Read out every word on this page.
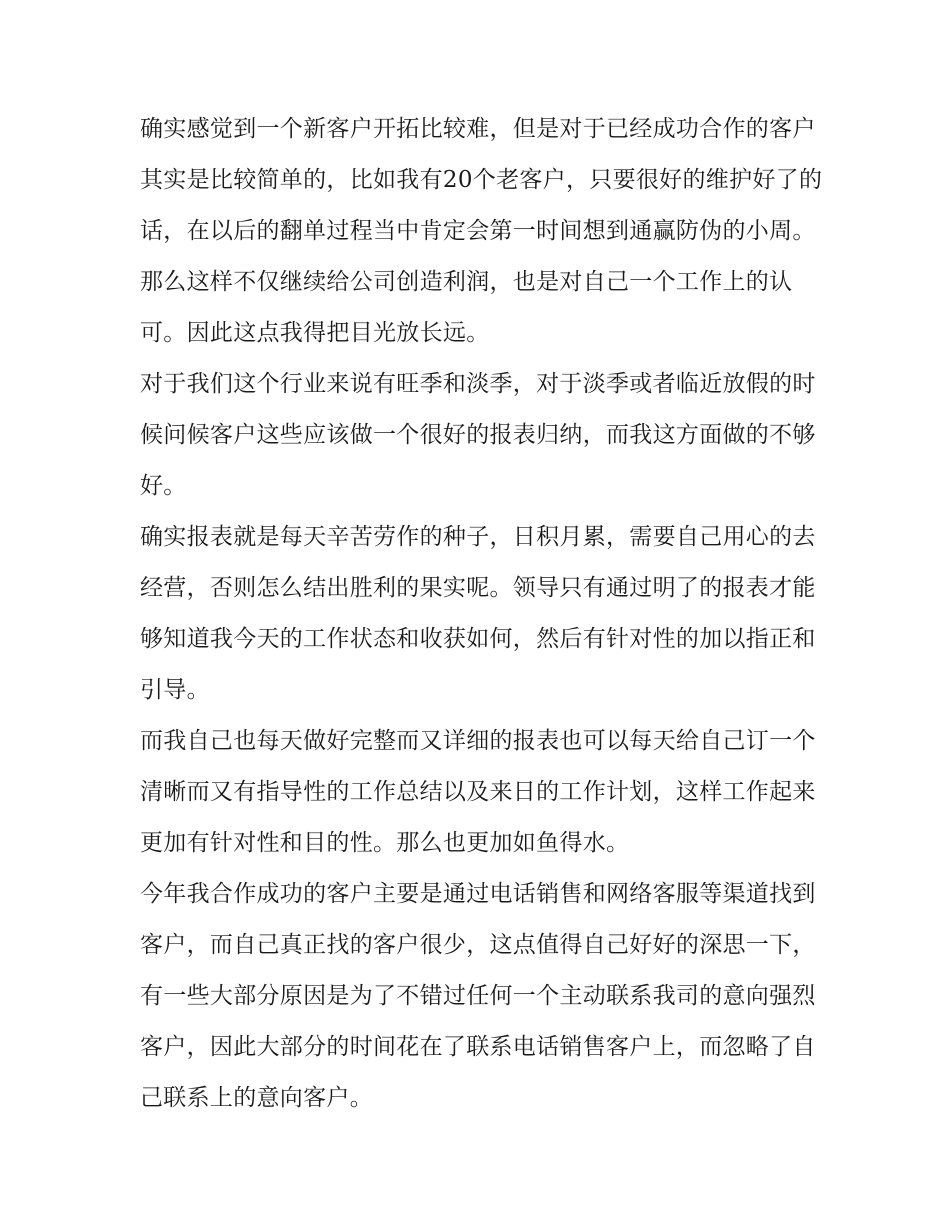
确实感觉到一个新客户开拓比较难，但是对于已经成功合作的客户其实是比较简单的，比如我有20个老客户，只要很好的维护好了的话，在以后的翻单过程当中肯定会第一时间想到通赢防伪的小周。那么这样不仅继续给公司创造利润，也是对自己一个工作上的认可。因此这点我得把目光放长远。

对于我们这个行业来说有旺季和淡季，对于淡季或者临近放假的时候问候客户这些应该做一个很好的报表归纳，而我这方面做的不够好。

确实报表就是每天辛苦劳作的种子，日积月累，需要自己用心的去经营，否则怎么结出胜利的果实呢。领导只有通过明了的报表才能够知道我今天的工作状态和收获如何，然后有针对性的加以指正和引导。

而我自己也每天做好完整而又详细的报表也可以每天给自己订一个清晰而又有指导性的工作总结以及来日的工作计划，这样工作起来更加有针对性和目的性。那么也更加如鱼得水。

今年我合作成功的客户主要是通过电话销售和网络客服等渠道找到客户，而自己真正找的客户很少，这点值得自己好好的深思一下，有一些大部分原因是为了不错过任何一个主动联系我司的意向强烈客户，因此大部分的时间花在了联系电话销售客户上，而忽略了自己联系上的意向客户。
